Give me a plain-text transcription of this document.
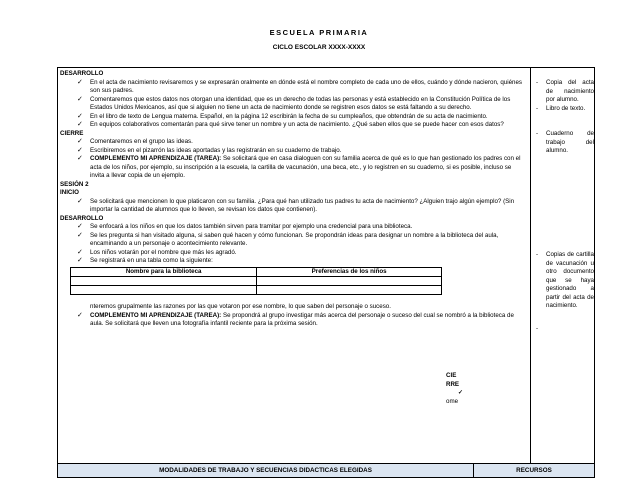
ESCUELA PRIMARIA
CICLO ESCOLAR XXXX-XXXX
DESARROLLO
✓ En el acta de nacimiento revisaremos y se expresarán oralmente en dónde está el nombre completo de cada uno de ellos, cuándo y dónde nacieron, quiénes son sus padres.
✓ Comentaremos que estos datos nos otorgan una identidad, que es un derecho de todas las personas y está establecido en la Constitución Política de los Estados Unidos Mexicanos, así que si alguien no tiene un acta de nacimiento donde se registren esos datos se está faltando a su derecho.
✓ En el libro de texto de Lengua materna. Español, en la página 12 escribirán la fecha de su cumpleaños, que obtendrán de su acta de nacimiento.
✓ En equipos colaborativos comentarán para qué sirve tener un nombre y un acta de nacimiento. ¿Qué saben ellos que se puede hacer con esos datos?
CIERRE
✓ Comentaremos en el grupo las ideas.
✓ Escribiremos en el pizarrón las ideas aportadas y las registrarán en su cuaderno de trabajo.
✓ COMPLEMENTO MI APRENDIZAJE (TAREA): Se solicitará que en casa dialoguen con su familia acerca de qué es lo que han gestionado los padres con el acta de los niños, por ejemplo, su inscripción a la escuela, la cartilla de vacunación, una beca, etc., y lo registren en su cuaderno, si es posible, incluso se invita a llevar copia de un ejemplo.
SESIÓN 2
INICIO
✓ Se solicitará que mencionen lo que platicaron con su familia. ¿Para qué han utilizado tus padres tu acta de nacimiento? ¿Alguien trajo algún ejemplo? (Sin importar la cantidad de alumnos que lo lleven, se revisan los datos que contienen).
DESARROLLO
✓ Se enfocará a los niños en que los datos también sirven para tramitar por ejemplo una credencial para una biblioteca.
✓ Se les pregunta si han visitado alguna, si saben qué hacen y cómo funcionan. Se propondrán ideas para designar un nombre a la biblioteca del aula, encaminando a un personaje o acontecimiento relevante.
✓ Los niños votarán por el nombre que más les agradó.
✓ Se registrará en una tabla como la siguiente:
Nombre para la biblioteca	Preferencias de los niños

nteremos grupalmente las razones por las que votaron por ese nombre, lo que saben del personaje o suceso.
✓ COMPLEMENTO MI APRENDIZAJE (TAREA): Se propondrá al grupo investigar más acerca del personaje o suceso del cual se nombró a la biblioteca de aula. Se solicitará que lleven una fotografía infantil reciente para la próxima sesión.
CIE
RRE
✓
ome
- Copia del acta de nacimiento por alumno.
- Libro de texto.
- Cuaderno de trabajo del alumno.
- Copias de cartilla de vacunación u otro documento que se haya gestionado a partir del acta de nacimiento.
-
MODALIDADES DE TRABAJO Y SECUENCIAS DIDACTICAS ELEGIDAS	RECURSOS
